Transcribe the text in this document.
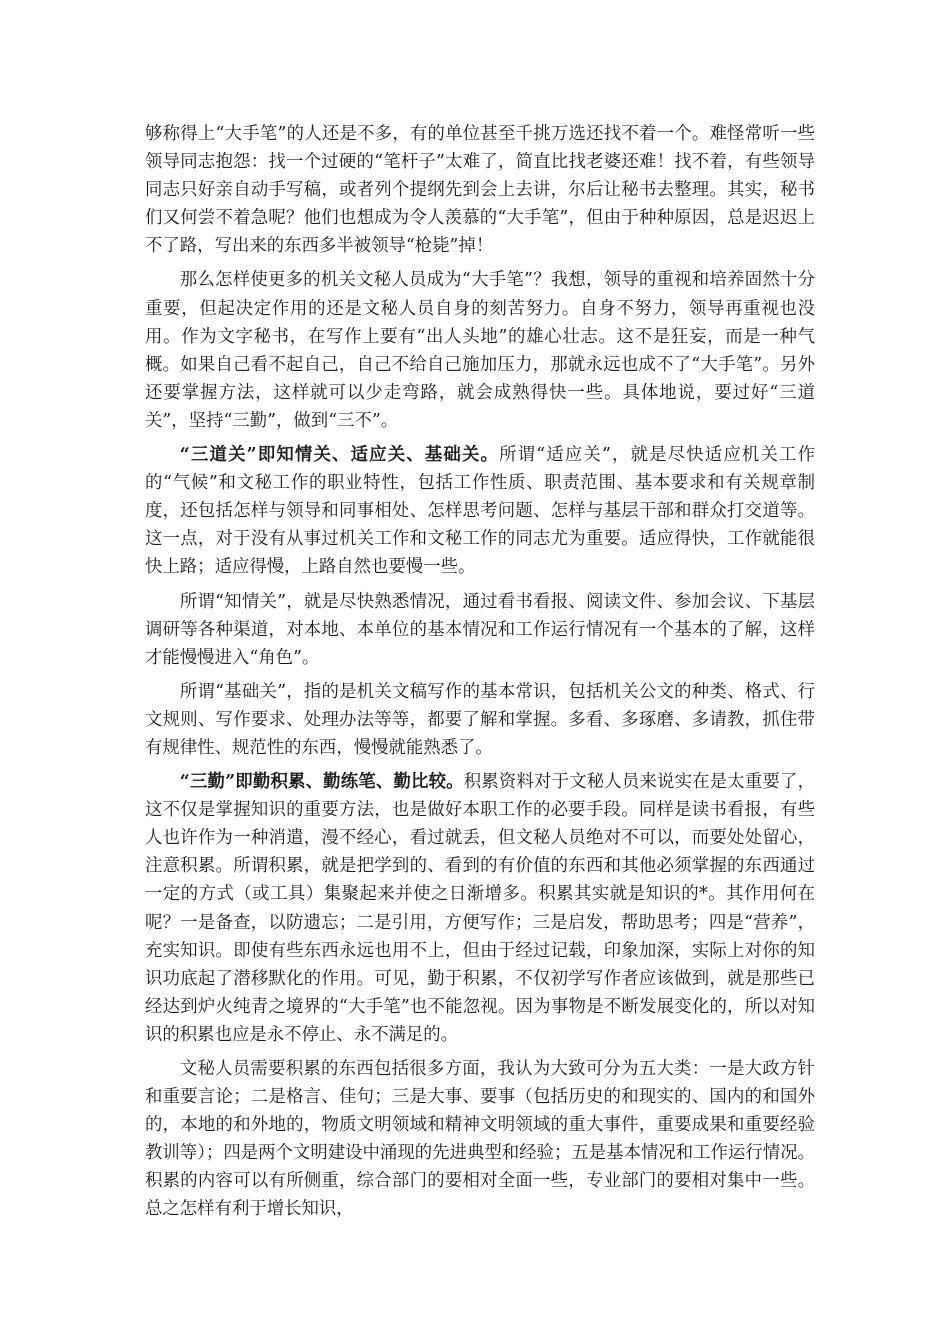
够称得上“大手笔”的人还是不多，有的单位甚至千挑万选还找不着一个。难怪常听一些领导同志抱怨：找一个过硬的“笔杆子”太难了，简直比找老婆还难！找不着，有些领导同志只好亲自动手写稿，或者列个提纲先到会上去讲，尔后让秘书去整理。其实，秘书们又何尝不着急呢？他们也想成为令人羡慕的“大手笔”，但由于种种原因，总是迟迟上不了路，写出来的东西多半被领导“枪毙”掉！

那么怎样使更多的机关文秘人员成为“大手笔”？我想，领导的重视和培养固然十分重要，但起决定作用的还是文秘人员自身的刻苦努力。自身不努力，领导再重视也没用。作为文字秘书，在写作上要有“出人头地”的雄心壮志。这不是狂妄，而是一种气概。如果自己看不起自己，自己不给自己施加压力，那就永远也成不了“大手笔”。另外还要掌握方法，这样就可以少走弯路，就会成熟得快一些。具体地说，要过好“三道关”，坚持“三勤”，做到“三不”。

“三道关”即知情关、适应关、基础关。所谓“适应关”，就是尽快适应机关工作的“气候”和文秘工作的职业特性，包括工作性质、职责范围、基本要求和有关规章制度，还包括怎样与领导和同事相处、怎样思考问题、怎样与基层干部和群众打交道等。这一点，对于没有从事过机关工作和文秘工作的同志尤为重要。适应得快，工作就能很快上路；适应得慢，上路自然也要慢一些。

所谓“知情关”，就是尽快熟悉情况，通过看书看报、阅读文件、参加会议、下基层调研等各种渠道，对本地、本单位的基本情况和工作运行情况有一个基本的了解，这样才能慢慢进入“角色”。

所谓“基础关”，指的是机关文稿写作的基本常识，包括机关公文的种类、格式、行文规则、写作要求、处理办法等等，都要了解和掌握。多看、多琢磨、多请教，抓住带有规律性、规范性的东西，慢慢就能熟悉了。

“三勤”即勤积累、勤练笔、勤比较。积累资料对于文秘人员来说实在是太重要了，这不仅是掌握知识的重要方法，也是做好本职工作的必要手段。同样是读书看报，有些人也许作为一种消遣，漫不经心，看过就丢，但文秘人员绝对不可以，而要处处留心，注意积累。所谓积累，就是把学到的、看到的有价值的东西和其他必须掌握的东西通过一定的方式（或工具）集聚起来并使之日渐增多。积累其实就是知识的*。其作用何在呢？一是备查，以防遗忘；二是引用，方便写作；三是启发，帮助思考；四是“营养”，充实知识。即使有些东西永远也用不上，但由于经过记载，印象加深，实际上对你的知识功底起了潜移默化的作用。可见，勤于积累，不仅初学写作者应该做到，就是那些已经达到炉火纯青之境界的“大手笔”也不能忽视。因为事物是不断发展变化的，所以对知识的积累也应是永不停止、永不满足的。

文秘人员需要积累的东西包括很多方面，我认为大致可分为五大类：一是大政方针和重要言论；二是格言、佳句；三是大事、要事（包括历史的和现实的、国内的和国外的，本地的和外地的，物质文明领域和精神文明领域的重大事件，重要成果和重要经验教训等）；四是两个文明建设中涌现的先进典型和经验；五是基本情况和工作运行情况。积累的内容可以有所侧重，综合部门的要相对全面一些，专业部门的要相对集中一些。总之怎样有利于增长知识，
